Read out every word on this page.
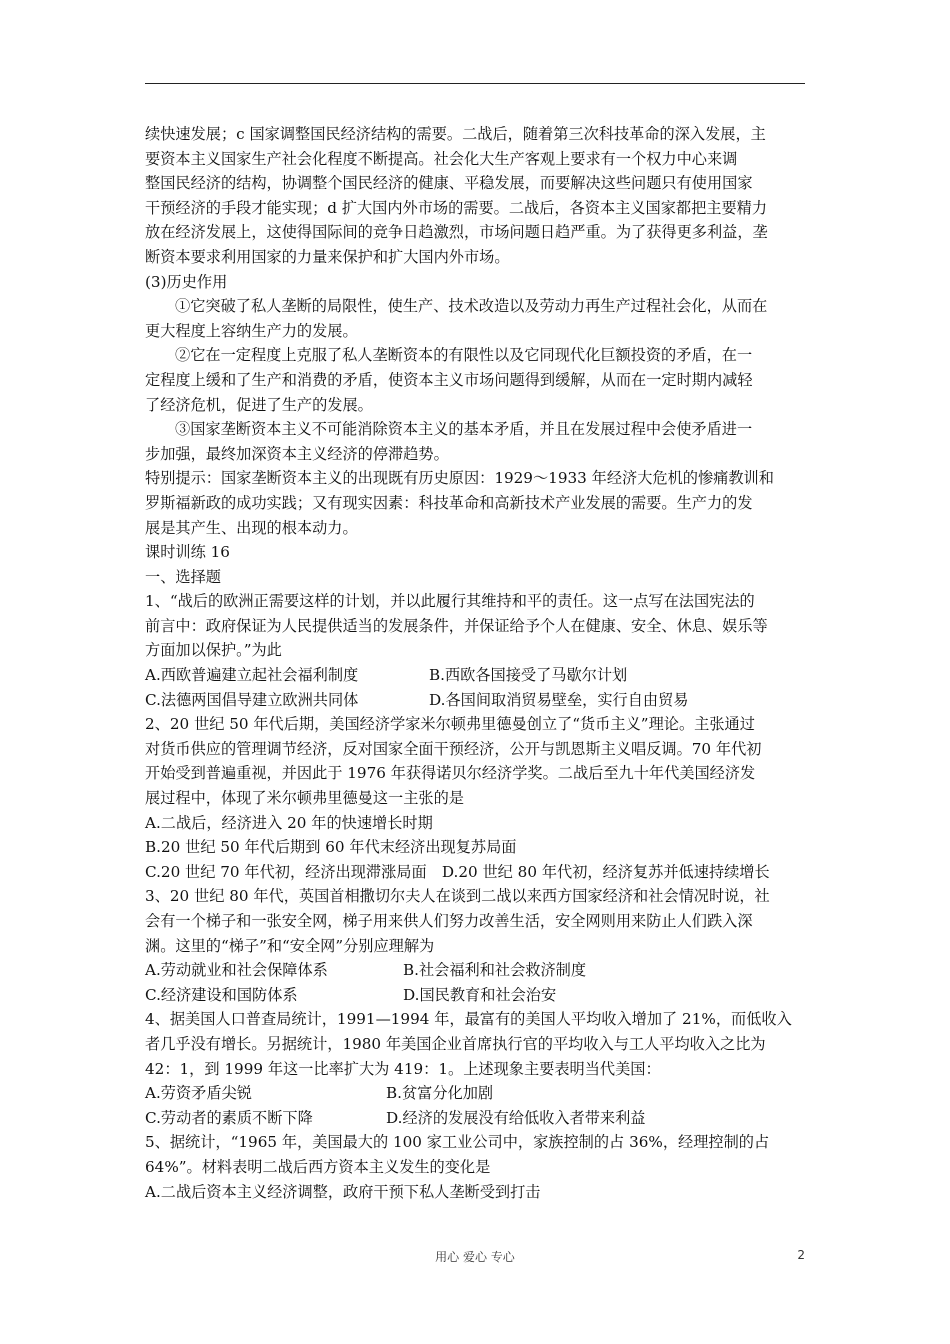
续快速发展；c 国家调整国民经济结构的需要。二战后，随着第三次科技革命的深入发展，主
要资本主义国家生产社会化程度不断提高。社会化大生产客观上要求有一个权力中心来调
整国民经济的结构，协调整个国民经济的健康、平稳发展，而要解决这些问题只有使用国家
干预经济的手段才能实现；d 扩大国内外市场的需要。二战后，各资本主义国家都把主要精力
放在经济发展上，这使得国际间的竞争日趋激烈，市场问题日趋严重。为了获得更多利益，垄
断资本要求利用国家的力量来保护和扩大国内外市场。
(3)历史作用
①它突破了私人垄断的局限性，使生产、技术改造以及劳动力再生产过程社会化，从而在
更大程度上容纳生产力的发展。
②它在一定程度上克服了私人垄断资本的有限性以及它同现代化巨额投资的矛盾，在一
定程度上缓和了生产和消费的矛盾，使资本主义市场问题得到缓解，从而在一定时期内减轻
了经济危机，促进了生产的发展。
③国家垄断资本主义不可能消除资本主义的基本矛盾，并且在发展过程中会使矛盾进一
步加强，最终加深资本主义经济的停滞趋势。
特别提示：国家垄断资本主义的出现既有历史原因：1929～1933 年经济大危机的惨痛教训和
罗斯福新政的成功实践；又有现实因素：科技革命和高新技术产业发展的需要。生产力的发
展是其产生、出现的根本动力。
课时训练 16
一、选择题
1、“战后的欧洲正需要这样的计划，并以此履行其维持和平的责任。这一点写在法国宪法的
前言中：政府保证为人民提供适当的发展条件，并保证给予个人在健康、安全、休息、娱乐等
方面加以保护。”为此
A.西欧普遍建立起社会福利制度	B.西欧各国接受了马歇尔计划
C.法德两国倡导建立欧洲共同体	D.各国间取消贸易壁垒，实行自由贸易
2、20 世纪 50 年代后期，美国经济学家米尔顿弗里德曼创立了“货币主义”理论。主张通过
对货币供应的管理调节经济，反对国家全面干预经济，公开与凯恩斯主义唱反调。70 年代初
开始受到普遍重视，并因此于 1976 年获得诺贝尔经济学奖。二战后至九十年代美国经济发
展过程中，体现了米尔顿弗里德曼这一主张的是
A.二战后，经济进入 20 年的快速增长时期
B.20 世纪 50 年代后期到 60 年代末经济出现复苏局面
C.20 世纪 70 年代初，经济出现滞涨局面　D.20 世纪 80 年代初，经济复苏并低速持续增长
3、20 世纪 80 年代，英国首相撒切尔夫人在谈到二战以来西方国家经济和社会情况时说，社
会有一个梯子和一张安全网，梯子用来供人们努力改善生活，安全网则用来防止人们跌入深
渊。这里的“梯子”和“安全网”分别应理解为
A.劳动就业和社会保障体系	B.社会福利和社会救济制度
C.经济建设和国防体系	D.国民教育和社会治安
4、据美国人口普查局统计，1991—1994 年，最富有的美国人平均收入增加了 21%，而低收入
者几乎没有增长。另据统计，1980 年美国企业首席执行官的平均收入与工人平均收入之比为
42：1，到 1999 年这一比率扩大为 419：1。上述现象主要表明当代美国：
A.劳资矛盾尖锐	B.贫富分化加剧
C.劳动者的素质不断下降	D.经济的发展没有给低收入者带来利益
5、据统计，“1965 年，美国最大的 100 家工业公司中，家族控制的占 36%，经理控制的占
64%”。材料表明二战后西方资本主义发生的变化是
A.二战后资本主义经济调整，政府干预下私人垄断受到打击
用心 爱心 专心	2
